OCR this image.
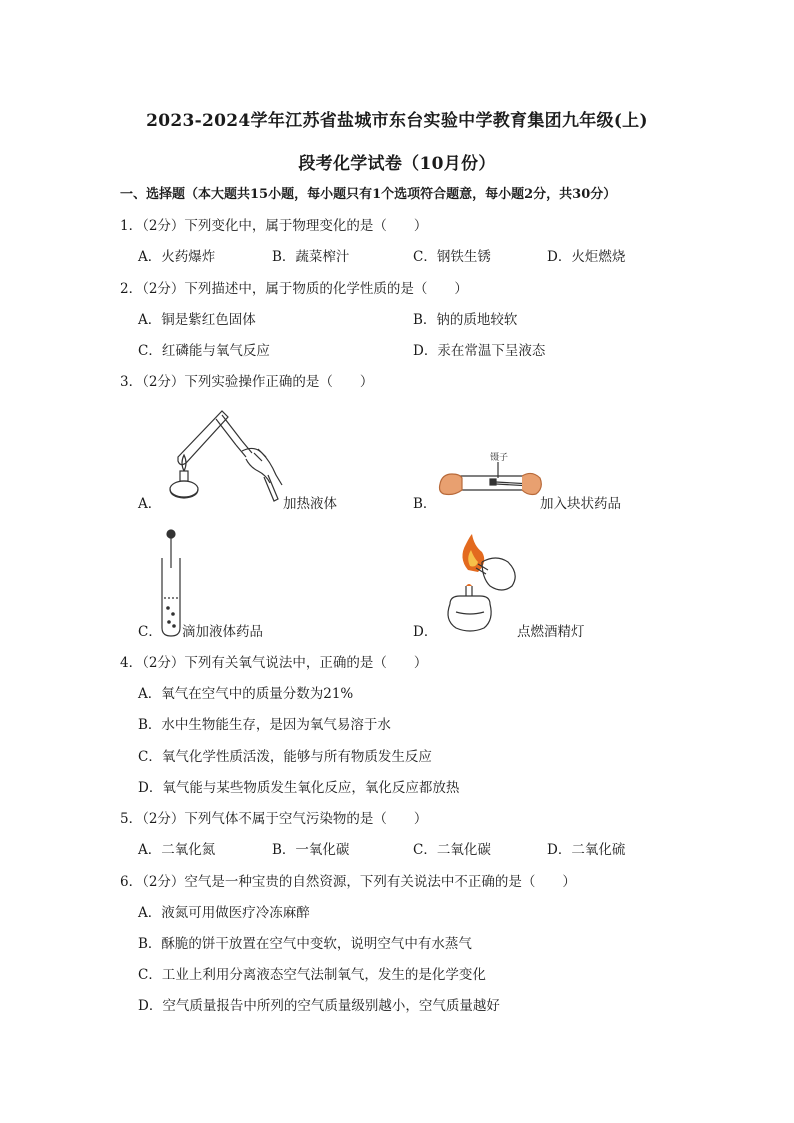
2023-2024学年江苏省盐城市东台实验中学教育集团九年级(上)
段考化学试卷（10月份）
一、选择题（本大题共15小题，每小题只有1个选项符合题意，每小题2分，共30分）
1．（2分）下列变化中，属于物理变化的是（　　）
A．火药爆炸	B．蔬菜榨汁	C．钢铁生锈	D．火炬燃烧
2．（2分）下列描述中，属于物质的化学性质的是（　　）
A．铜是紫红色固体	B．钠的质地较软
C．红磷能与氧气反应	D．汞在常温下呈液态
3．（2分）下列实验操作正确的是（　　）
A．	加热液体	B．
镊子
加入块状药品
C． 滴加液体药品	D．	点燃酒精灯
4．（2分）下列有关氧气说法中，正确的是（　　）
A．氧气在空气中的质量分数为21%
B．水中生物能生存，是因为氧气易溶于水
C．氧气化学性质活泼，能够与所有物质发生反应
D．氧气能与某些物质发生氧化反应，氧化反应都放热
5．（2分）下列气体不属于空气污染物的是（　　）
A．二氧化氮	B．一氧化碳	C．二氧化碳	D．二氧化硫
6．（2分）空气是一种宝贵的自然资源，下列有关说法中不正确的是（　　）
A．液氮可用做医疗冷冻麻醉
B．酥脆的饼干放置在空气中变软，说明空气中有水蒸气
C．工业上利用分离液态空气法制氧气，发生的是化学变化
D．空气质量报告中所列的空气质量级别越小，空气质量越好
